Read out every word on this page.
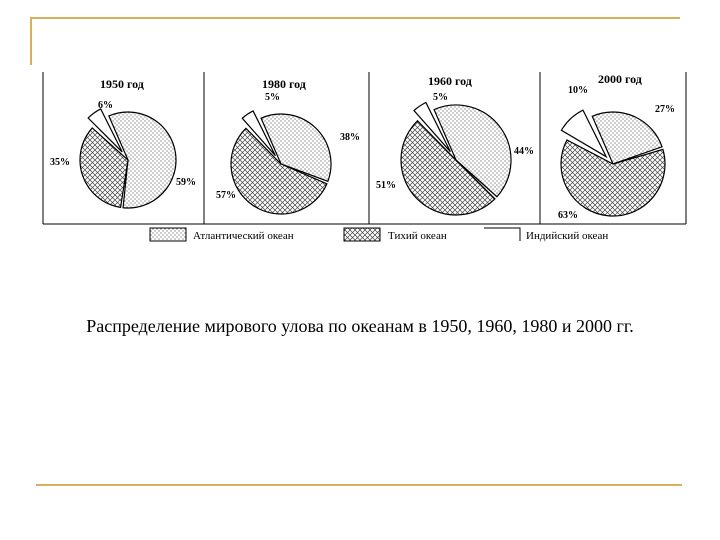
1950 год
59%
35%
6%
1980 год
38%
57%
5%
1960 год
44%
51%
5%
2000 год
27%
63%
10%
Атлантический океан	Тихий океан	Индийский океан
Распределение мирового улова по океанам в 1950, 1960, 1980 и 2000 гг.
